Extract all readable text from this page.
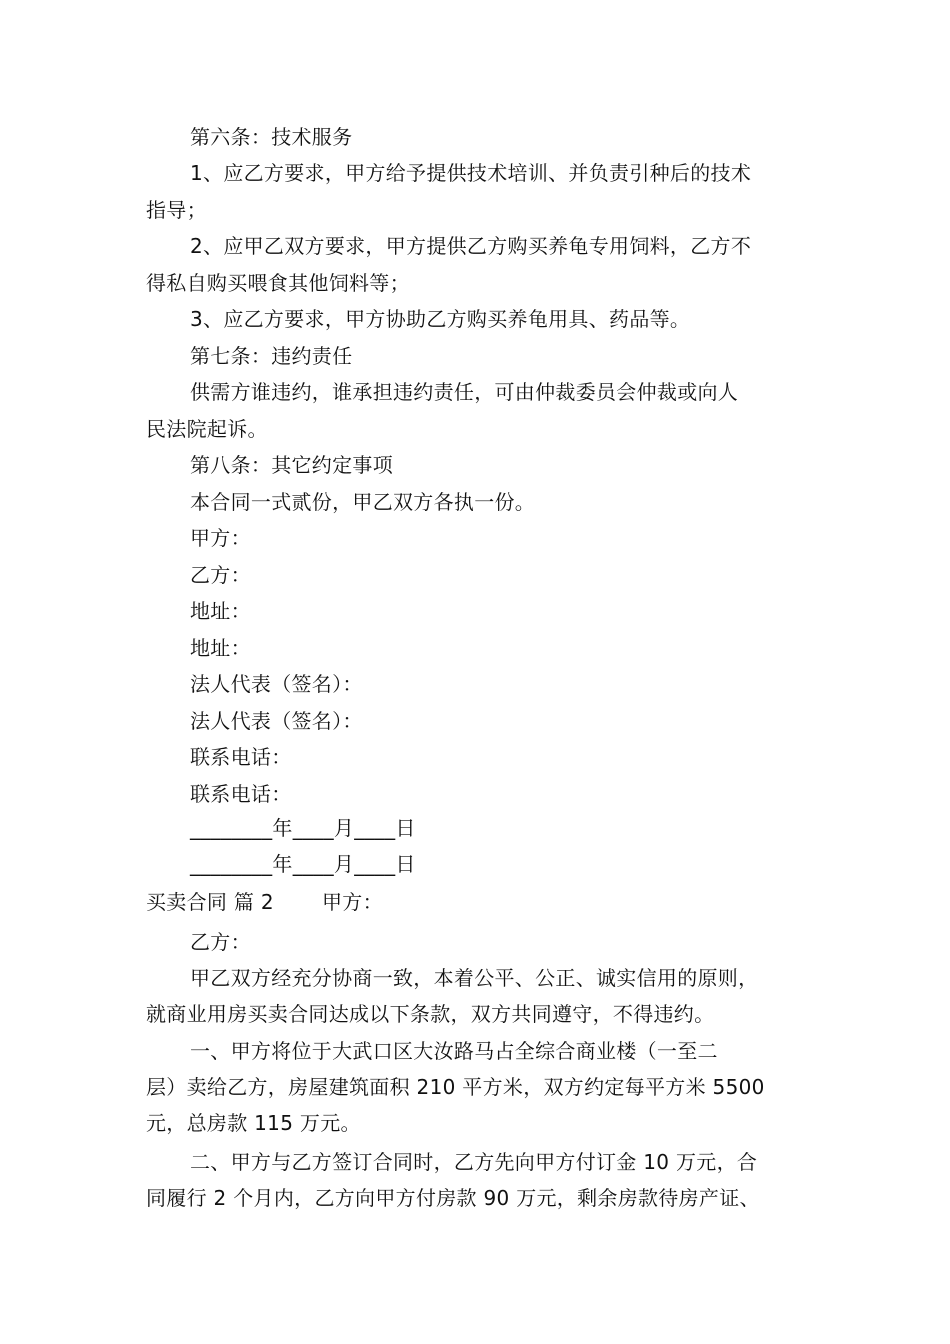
第六条：技术服务
1、应乙方要求，甲方给予提供技术培训、并负责引种后的技术
指导；
2、应甲乙双方要求，甲方提供乙方购买养龟专用饲料，乙方不
得私自购买喂食其他饲料等；
3、应乙方要求，甲方协助乙方购买养龟用具、药品等。
第七条：违约责任
供需方谁违约，谁承担违约责任，可由仲裁委员会仲裁或向人
民法院起诉。
第八条：其它约定事项
本合同一式贰份，甲乙双方各执一份。
甲方：
乙方：
地址：
地址：
法人代表（签名）：
法人代表（签名）：
联系电话：
联系电话：
________年____月____日
________年____月____日
买卖合同 篇 2 甲方：
乙方：
甲乙双方经充分协商一致，本着公平、公正、诚实信用的原则，
就商业用房买卖合同达成以下条款，双方共同遵守，不得违约。
一、甲方将位于大武口区大汝路马占全综合商业楼（一至二
层）卖给乙方，房屋建筑面积 210 平方米，双方约定每平方米 5500
元，总房款 115 万元。
二、甲方与乙方签订合同时，乙方先向甲方付订金 10 万元，合
同履行 2 个月内，乙方向甲方付房款 90 万元，剩余房款待房产证、
